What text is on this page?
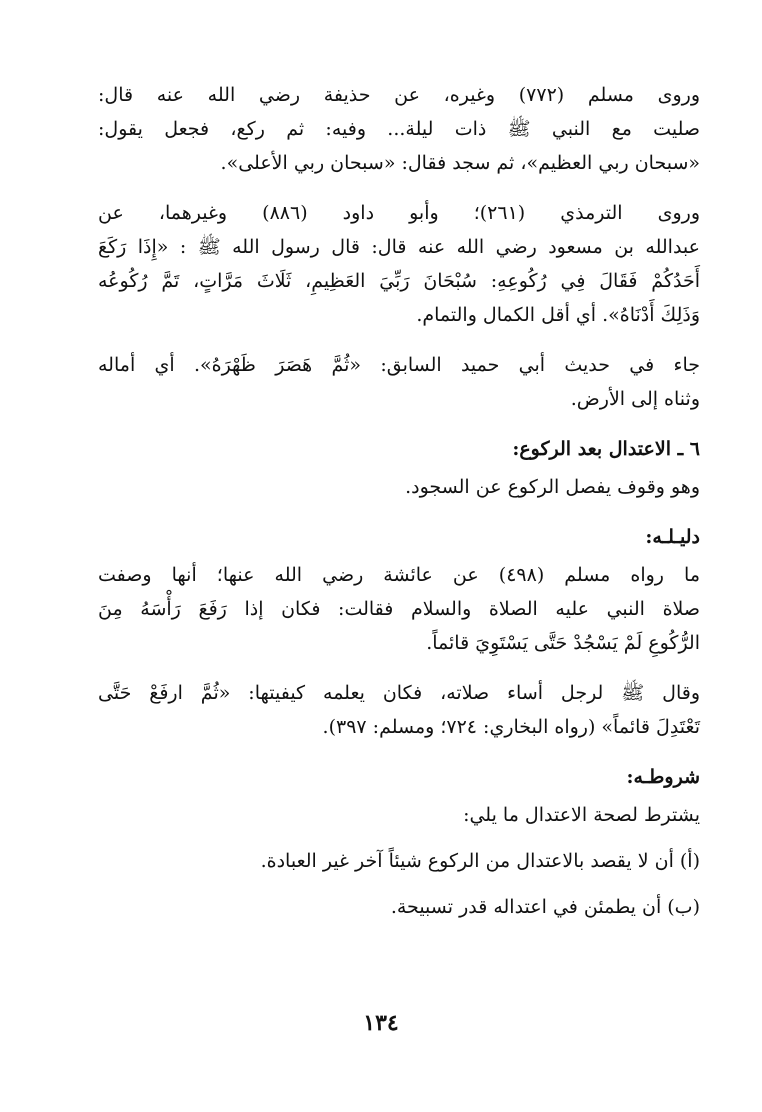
وروى مسلم (٧٧٢) وغيره، عن حذيفة رضي الله عنه قال:
صليت مع النبي ﷺ ذات ليلة... وفيه: ثم ركع، فجعل يقول:
«سبحان ربي العظيم»، ثم سجد فقال: «سبحان ربي الأعلى».
وروى الترمذي (٢٦١)؛ وأبو داود (٨٨٦) وغيرهما، عن
عبدالله بن مسعود رضي الله عنه قال: قال رسول الله ﷺ : «إِذَا رَكَعَ
أَحَدُكُمْ فَقَالَ فِي رُكُوعِهِ: سُبْحَانَ رَبِّيَ العَظِيمِ، ثَلَاثَ مَرَّاتٍ، تَمَّ رُكُوعُه
وَذَلِكَ أَدْنَاهُ». أي أقل الكمال والتمام.
جاء في حديث أبي حميد السابق: «ثُمَّ هَصَرَ ظَهْرَهُ». أي أماله
وثناه إلى الأرض.
٦ ـ الاعتدال بعد الركوع:
وهو وقوف يفصل الركوع عن السجود.
دليـلـه:
ما رواه مسلم (٤٩٨) عن عائشة رضي الله عنها؛ أنها وصفت
صلاة النبي عليه الصلاة والسلام فقالت: فكان إذا رَفَعَ رَأْسَهُ مِنَ
الرُّكُوعِ لَمْ يَسْجُدْ حَتَّى يَسْتَوِيَ قائماً.
وقال ﷺ لرجل أساء صلاته، فكان يعلمه كيفيتها: «ثُمَّ ارفَعْ حَتَّى
تَعْتَدِلَ قائماً» (رواه البخاري: ٧٢٤؛ ومسلم: ٣٩٧).
شروطـه:
يشترط لصحة الاعتدال ما يلي:
(أ) أن لا يقصد بالاعتدال من الركوع شيئاً آخر غير العبادة.
(ب) أن يطمئن في اعتداله قدر تسبيحة.
١٣٤
